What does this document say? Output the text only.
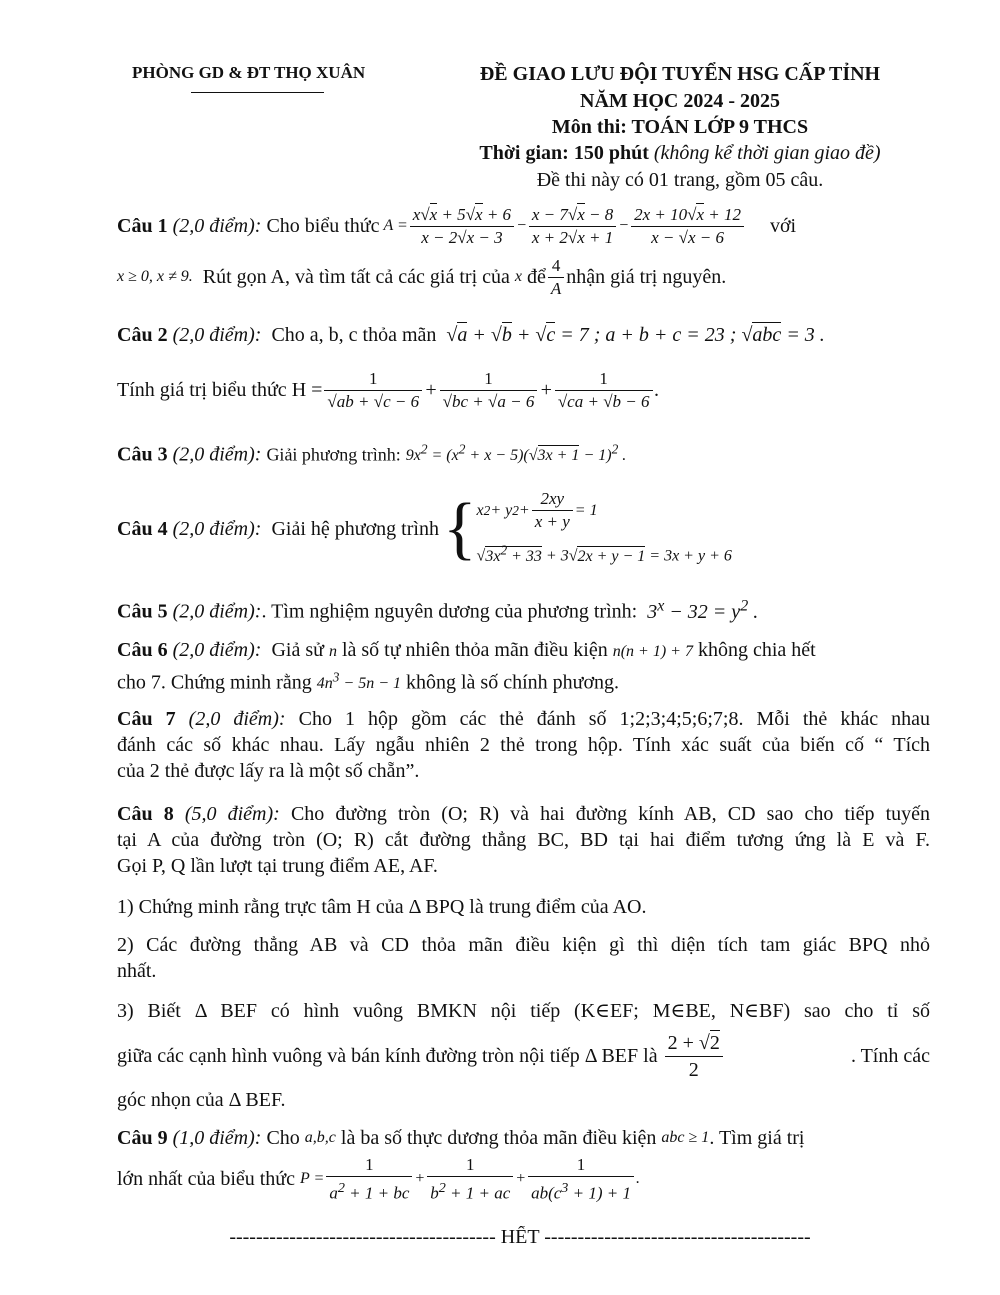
PHÒNG GD & ĐT THỌ XUÂN	ĐỀ GIAO LƯU ĐỘI TUYỂN HSG CẤP TỈNH
NĂM HỌC 2024 - 2025
Môn thi: TOÁN LỚP 9 THCS
Thời gian: 150 phút (không kể thời gian giao đề)
Đề thi này có 01 trang, gồm 05 câu.
Câu 1
(2,0 điểm):
Cho biểu thức $A = \frac{x√x + 5√x + 6}{x - 2√x - 3} - \frac{x - 7√x - 8}{x + 2√x + 1} - \frac{2x + 10√x + 12}{x - √x - 6}$ với
x ≥ 0, x ≠ 9.
Rút gọn A, và tìm tất cả các giá trị của
x
để $\frac{4}{A}$ nhận giá trị nguyên.
Câu 2 (2,0 điểm): Cho a, b, c thỏa mãn √a + √b + √c = 7 ; a + b + c = 23 ; √abc = 3 .
Tính giá trị biểu thức $H = \frac{1}{√ab + √c - 6} + \frac{1}{√bc + √a - 6} + \frac{1}{√ca + √b - 6}$ .
Câu 3 (2,0 điểm): Giải phương trình: $9x^2 = (x^2 + x - 5)(√3x + 1 - 1)^2$ .
Câu 4
(2,0 điểm):
Giải hệ phương trình { x 2 + y $2 + \frac{2xy}{x + y} = 1$
$√3x^2 + 33 + 3√2x + y - 1 = 3x + y + 6$
Câu 5 (2,0 điểm):. Tìm nghiệm nguyên dương của phương trình: $3^x - 32 = y^2$ .
Câu 6 (2,0 điểm): Giả sử n là số tự nhiên thỏa mãn điều kiện n(n + 1) + 7 không chia hết
cho 7. Chứng minh rằng $4n^3 - 5n - 1$ không là số chính phương.
Câu 7 (2,0 điểm): Cho 1 hộp gồm các thẻ đánh số 1;2;3;4;5;6;7;8. Mỗi thẻ khác nhau
đánh các số khác nhau. Lấy ngẫu nhiên 2 thẻ trong hộp. Tính xác suất của biến cố “ Tích
của 2 thẻ được lấy ra là một số chẵn”.
Câu 8 (5,0 điểm): Cho đường tròn (O; R) và hai đường kính AB, CD sao cho tiếp tuyến
tại A của đường tròn (O; R) cắt đường thẳng BC, BD tại hai điểm tương ứng là E và F.
Gọi P, Q lần lượt tại trung điểm AE, AF.
1) Chứng minh rằng trực tâm H của Δ BPQ là trung điểm của AO.
2) Các đường thẳng AB và CD thỏa mãn điều kiện gì thì diện tích tam giác BPQ nhỏ
nhất.
3) Biết Δ BEF có hình vuông BMKN nội tiếp (K∈EF; M∈BE, N∈BF) sao cho tỉ số
giữa các cạnh hình vuông và bán kính đường tròn nội tiếp Δ BEF là
$\frac{2 + √2}{2}$	. Tính các
góc nhọn của Δ BEF.
Câu 9
(1,0 điểm):
Cho
a,b,c
là ba số thực dương thỏa mãn điều kiện
abc ≥ 1 . Tìm giá trị
lớn nhất của biểu thức
$P = \frac{1}{a^2 + 1 + bc} + \frac{1}{b^2 + 1 + ac} + \frac{1}{ab(c^3 + 1) + 1}$ .
---------------------------------------- HẾT ----------------------------------------
